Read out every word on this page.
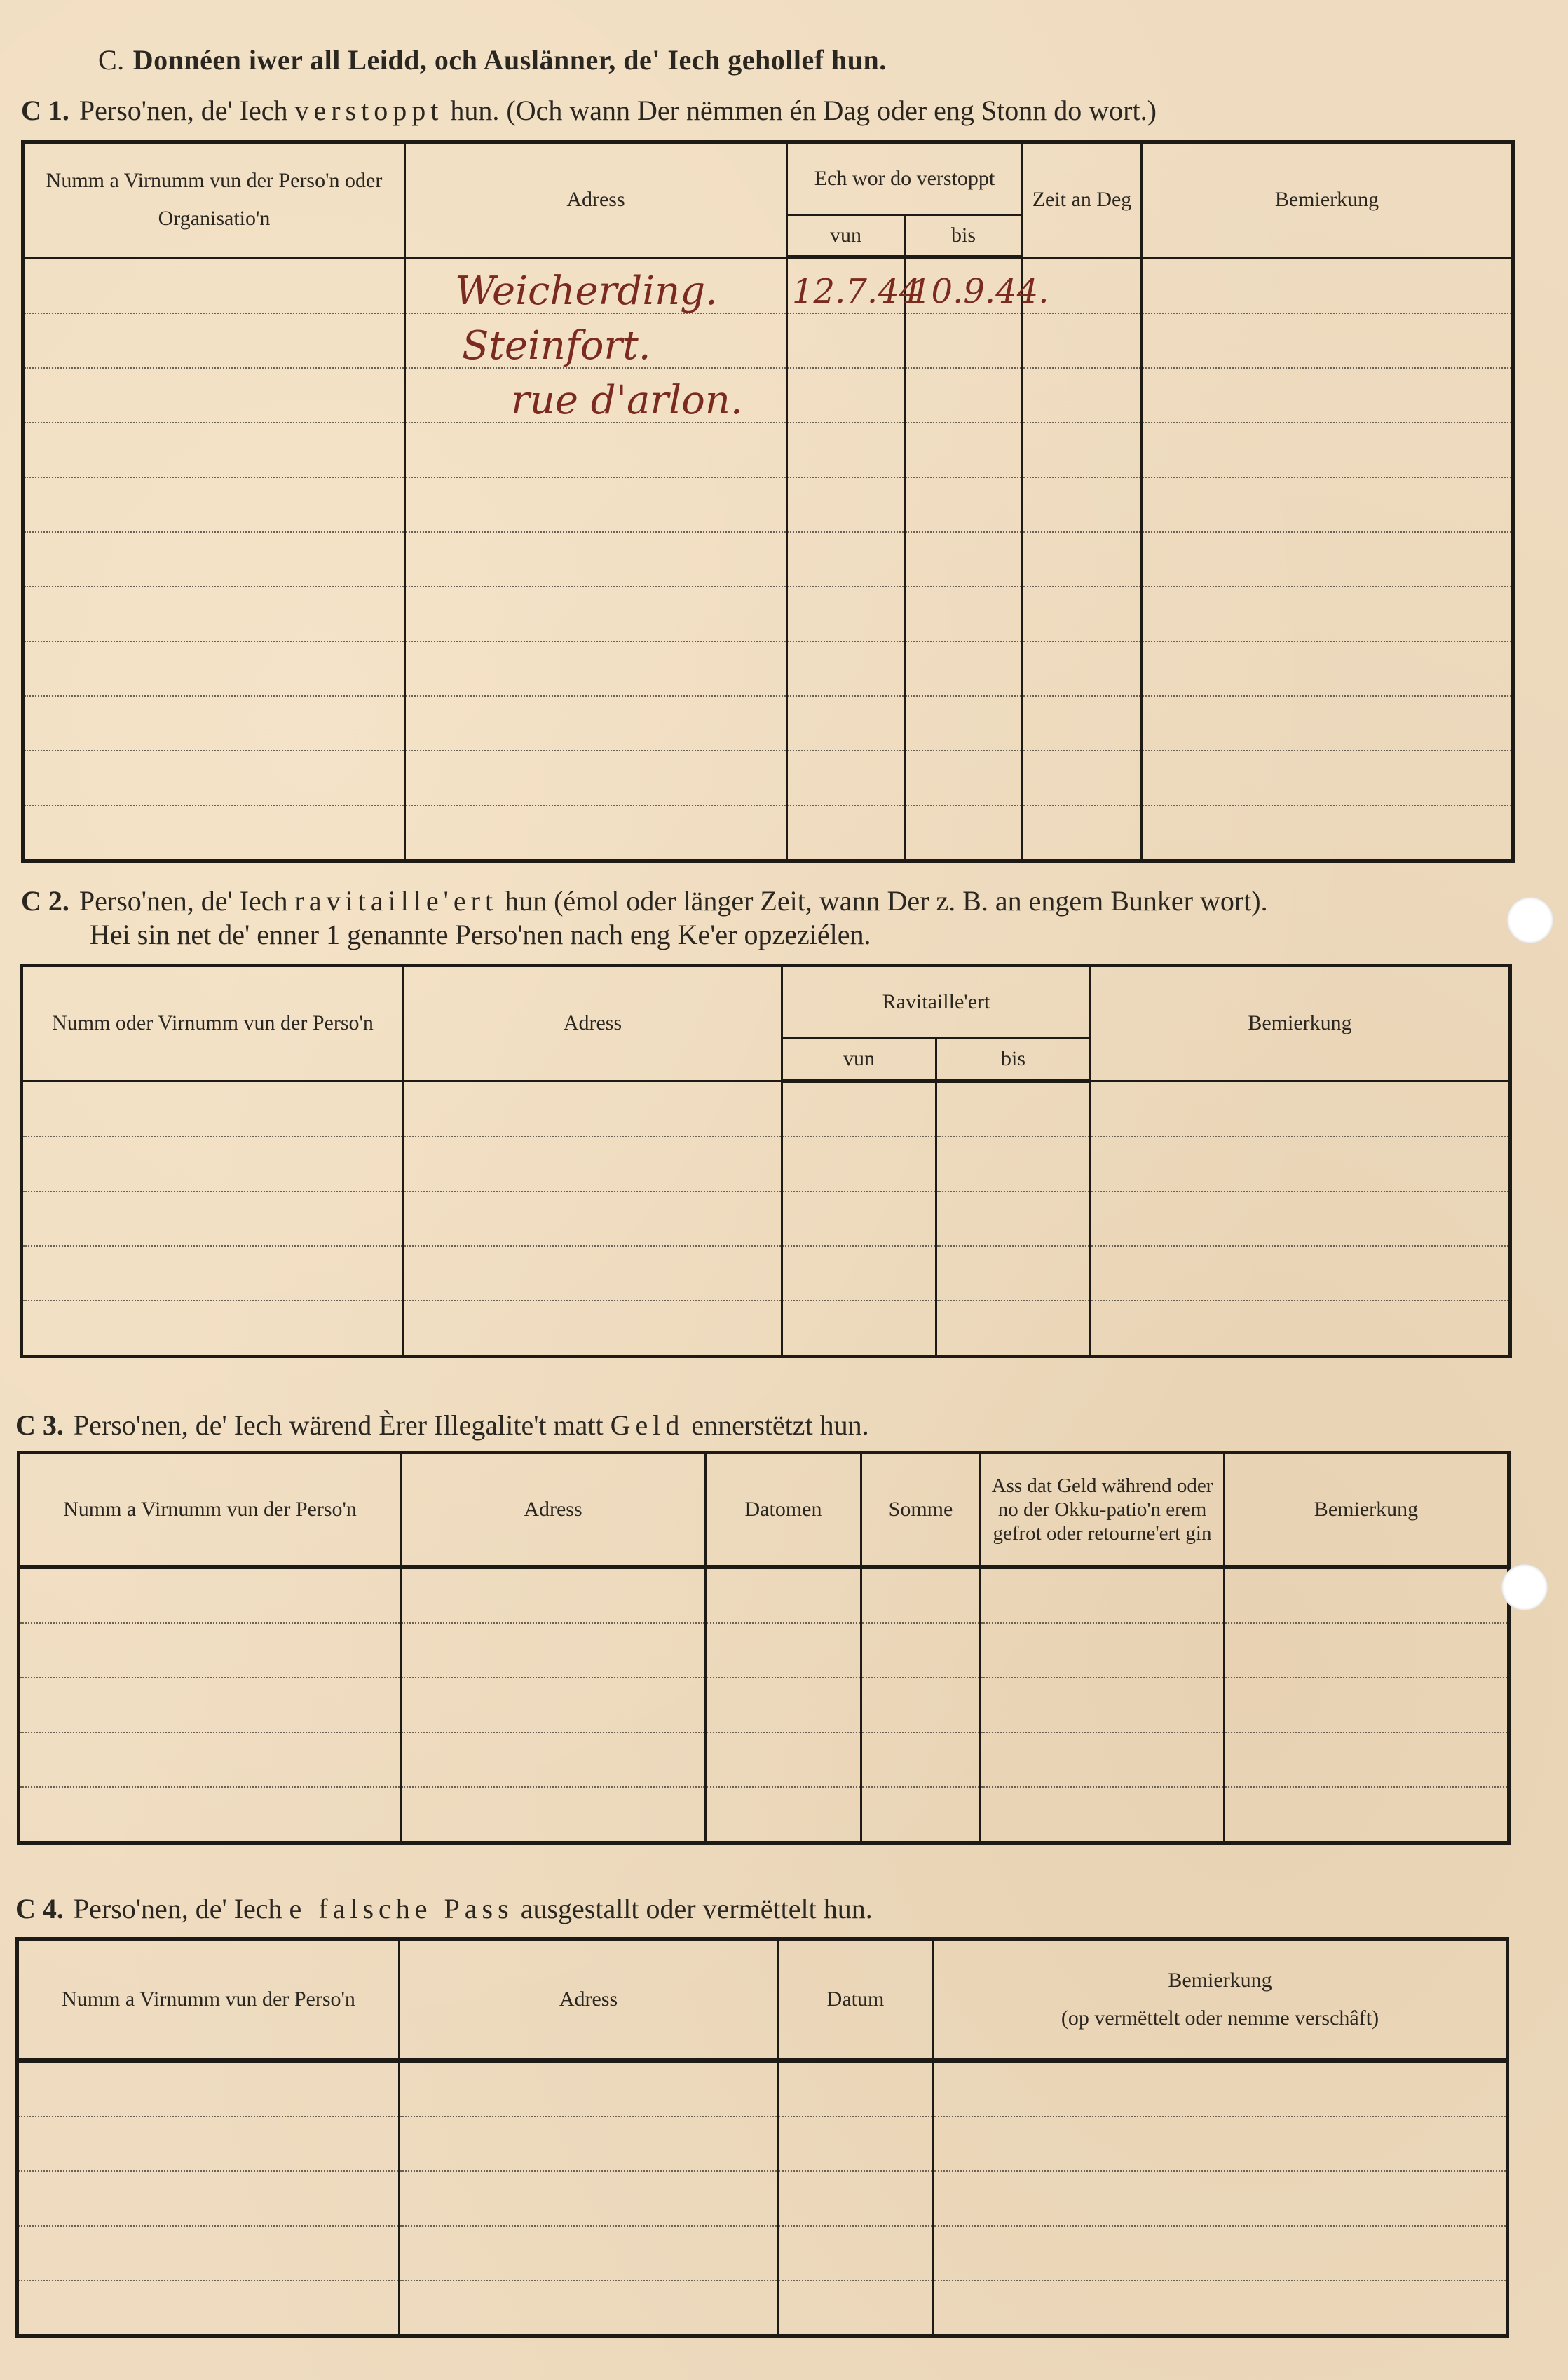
C. Donnéen iwer all Leidd, och Auslänner, de' Iech gehollef hun.
C 1. Perso'nen, de' Iech verstoppt hun. (Och wann Der nëmmen én Dag oder eng Stonn do wort.)
Numm a Virnumm vun der Perso'n oder Organisatio'n	Adress	Ech wor do verstoppt		Zeit an Deg	Bemierkung
		vun	bis		
	Weicherding.	12.7.44	10.9.44.		
	Steinfort.				
	rue d'arlon.				

C 2. Perso'nen, de' Iech ravitaille'ert hun (émol oder länger Zeit, wann Der z. B. an engem Bunker wort).
Hei sin net de' enner 1 genannte Perso'nen nach eng Ke'er opzeziélen.
Numm oder Virnumm vun der Perso'n	Adress	Ravitaille'ert		Bemierkung
		vun	bis	

C 3. Perso'nen, de' Iech wärend Èrer Illegalite't matt Geld ennerstëtzt hun.
Numm a Virnumm vun der Perso'n	Adress	Datomen	Somme	Ass dat Geld während oder no der Okku-patio'n erem gefrot oder retourne'ert gin	Bemierkung

C 4. Perso'nen, de' Iech e falsche Pass ausgestallt oder vermëttelt hun.
Numm a Virnumm vun der Perso'n	Adress	Datum	Bemierkung
(op vermëttelt oder nemme verschâft)
